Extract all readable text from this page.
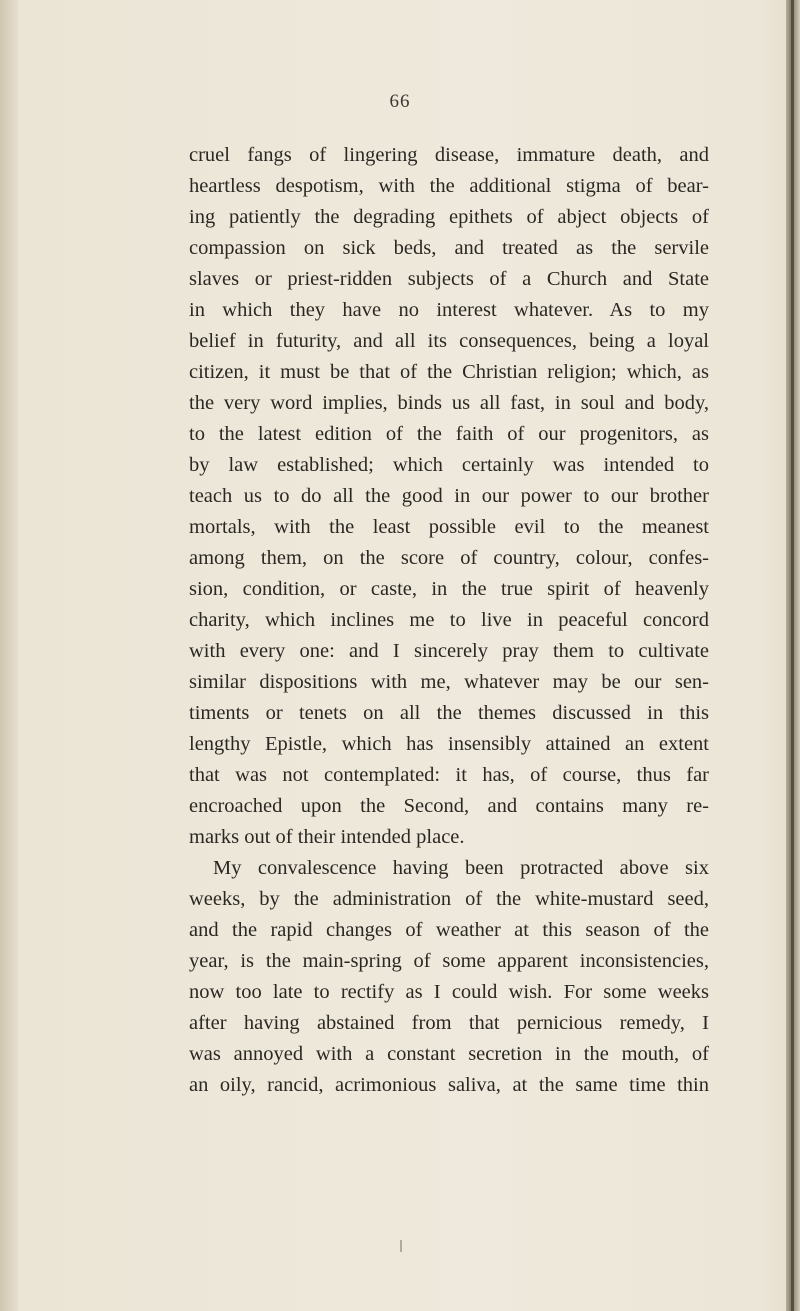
66
cruel fangs of lingering disease, immature death, and
heartless despotism, with the additional stigma of bear-
ing patiently the degrading epithets of abject objects of
compassion on sick beds, and treated as the servile
slaves or priest-ridden subjects of a Church and State
in which they have no interest whatever. As to my
belief in futurity, and all its consequences, being a loyal
citizen, it must be that of the Christian religion; which, as
the very word implies, binds us all fast, in soul and body,
to the latest edition of the faith of our progenitors, as
by law established; which certainly was intended to
teach us to do all the good in our power to our brother
mortals, with the least possible evil to the meanest
among them, on the score of country, colour, confes-
sion, condition, or caste, in the true spirit of heavenly
charity, which inclines me to live in peaceful concord
with every one: and I sincerely pray them to cultivate
similar dispositions with me, whatever may be our sen-
timents or tenets on all the themes discussed in this
lengthy Epistle, which has insensibly attained an extent
that was not contemplated: it has, of course, thus far
encroached upon the Second, and contains many re-
marks out of their intended place.
My convalescence having been protracted above six
weeks, by the administration of the white-mustard seed,
and the rapid changes of weather at this season of the
year, is the main-spring of some apparent inconsistencies,
now too late to rectify as I could wish. For some weeks
after having abstained from that pernicious remedy, I
was annoyed with a constant secretion in the mouth, of
an oily, rancid, acrimonious saliva, at the same time thin
